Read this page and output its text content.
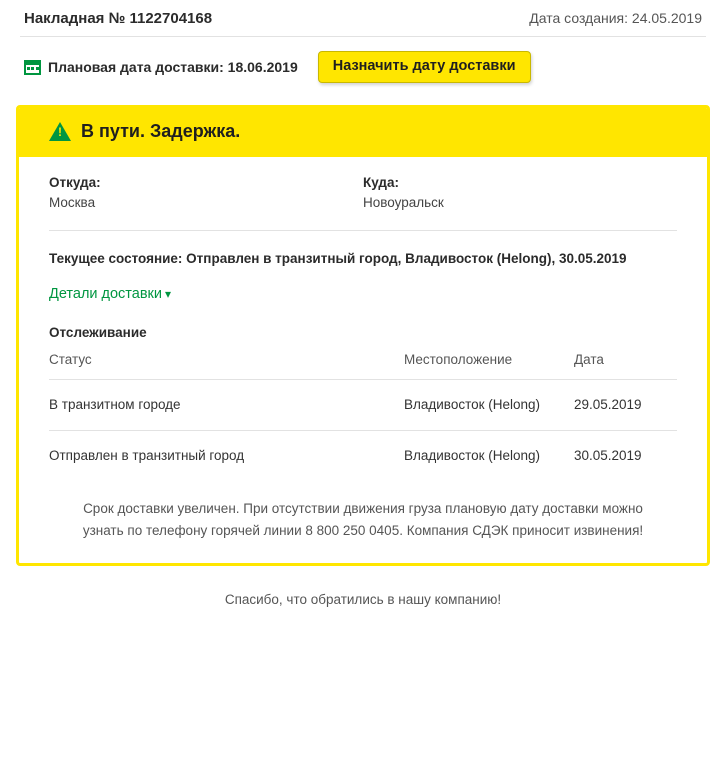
Накладная № 1122704168	Дата создания: 24.05.2019
Плановая дата доставки: 18.06.2019	Назначить дату доставки
!
В пути. Задержка.
Откуда:
Москва
Куда:
Новоуральск
Текущее состояние: Отправлен в транзитный город, Владивосток (Helong), 30.05.2019
Детали доставки ▾
Отслеживание
Статус	Местоположение	Дата
В транзитном городе	Владивосток (Helong)	29.05.2019
Отправлен в транзитный город	Владивосток (Helong)	30.05.2019
Срок доставки увеличен. При отсутствии движения груза плановую дату доставки можно узнать по телефону горячей линии 8 800 250 0405. Компания СДЭК приносит извинения!
Спасибо, что обратились в нашу компанию!
